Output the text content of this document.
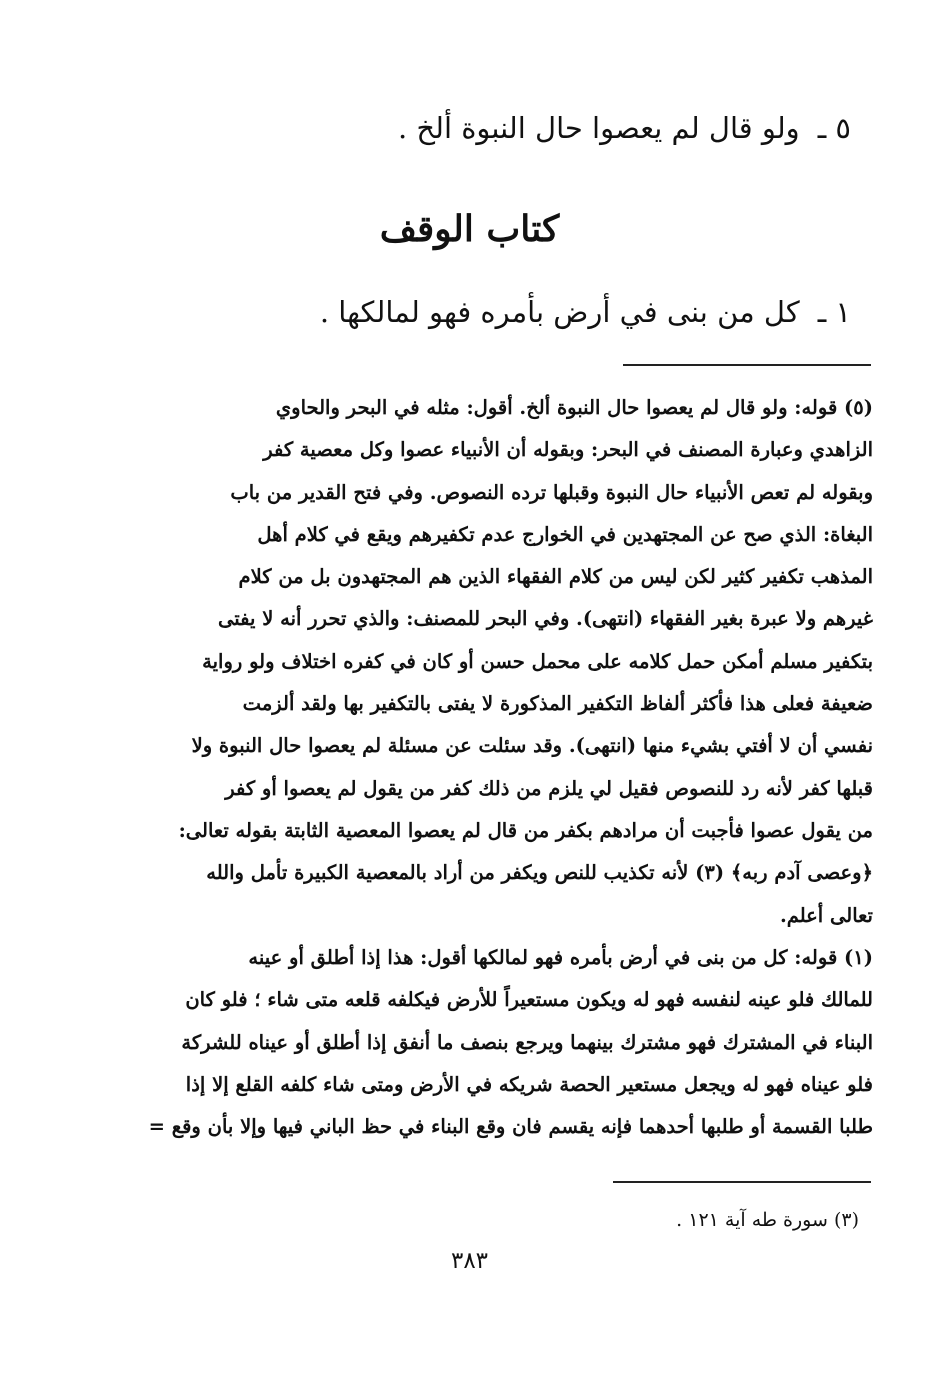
٥ ـولو قال لم يعصوا حال النبوة ألخ .
كتاب الوقف
١ ـكل من بنى في أرض بأمره فهو لمالكها .
(٥) قوله: ولو قال لم يعصوا حال النبوة ألخ. أقول: مثله في البحر والحاوي
الزاهدي وعبارة المصنف في البحر: وبقوله أن الأنبياء عصوا وكل معصية كفر
وبقوله لم تعص الأنبياء حال النبوة وقبلها ترده النصوص. وفي فتح القدير من باب
البغاة: الذي صح عن المجتهدين في الخوارج عدم تكفيرهم ويقع في كلام أهل
المذهب تكفير كثير لكن ليس من كلام الفقهاء الذين هم المجتهدون بل من كلام
غيرهم ولا عبرة بغير الفقهاء (انتهى). وفي البحر للمصنف: والذي تحرر أنه لا يفتى
بتكفير مسلم أمكن حمل كلامه على محمل حسن أو كان في كفره اختلاف ولو رواية
ضعيفة فعلى هذا فأكثر ألفاظ التكفير المذكورة لا يفتى بالتكفير بها ولقد ألزمت
نفسي أن لا أفتي بشيء منها (انتهى). وقد سئلت عن مسئلة لم يعصوا حال النبوة ولا
قبلها كفر لأنه رد للنصوص فقيل لي يلزم من ذلك كفر من يقول لم يعصوا أو كفر
من يقول عصوا فأجبت أن مرادهم بكفر من قال لم يعصوا المعصية الثابتة بقوله تعالى:
﴿وعصى آدم ربه﴾ (٣) لأنه تكذيب للنص ويكفر من أراد بالمعصية الكبيرة تأمل والله
تعالى أعلم.
(١) قوله: كل من بنى في أرض بأمره فهو لمالكها أقول: هذا إذا أطلق أو عينه
للمالك فلو عينه لنفسه فهو له ويكون مستعيراً للأرض فيكلفه قلعه متى شاء ؛ فلو كان
البناء في المشترك فهو مشترك بينهما ويرجع بنصف ما أنفق إذا أطلق أو عيناه للشركة
فلو عيناه فهو له ويجعل مستعير الحصة شريكه في الأرض ومتى شاء كلفه القلع إلا إذا
طلبا القسمة أو طلبها أحدهما فإنه يقسم فان وقع البناء في حظ الباني فيها وإلا بأن وقع =
(٣) سورة طه آية ١٢١ .
٣٨٣
